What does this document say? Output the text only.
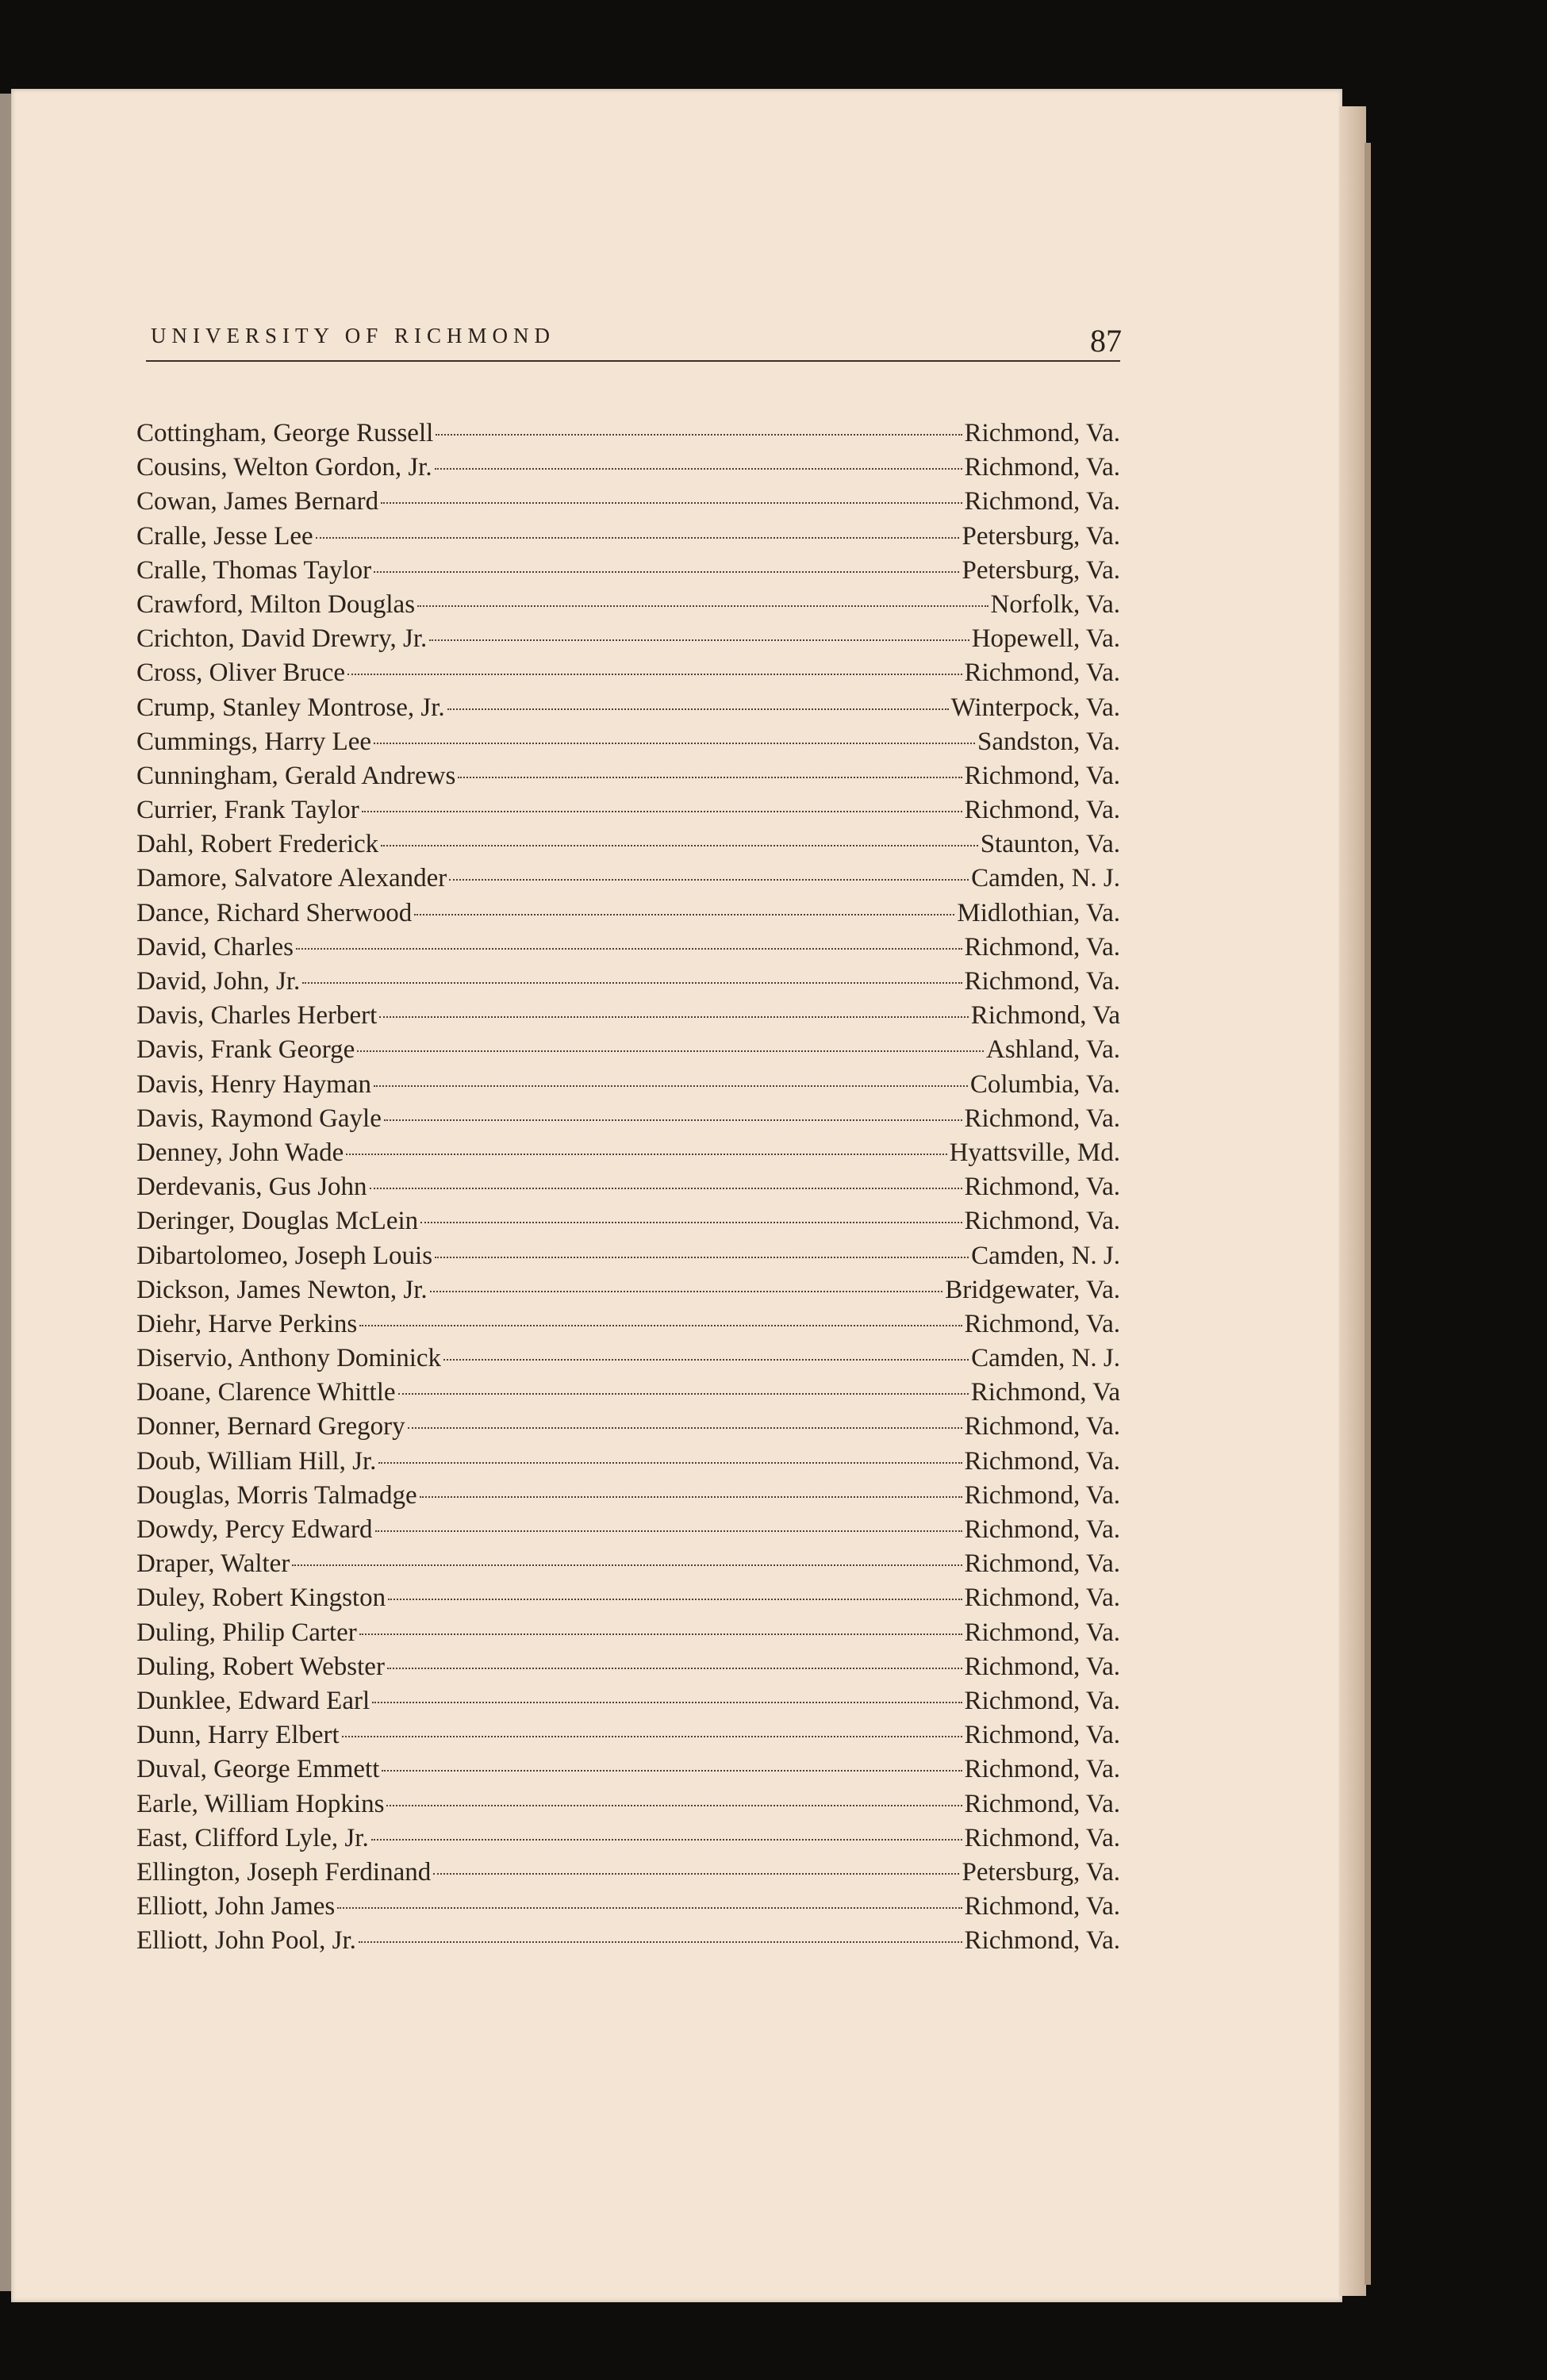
UNIVERSITY OF RICHMOND	87
Cottingham, George Russell	Richmond, Va.
Cousins, Welton Gordon, Jr.	Richmond, Va.
Cowan, James Bernard	Richmond, Va.
Cralle, Jesse Lee	Petersburg, Va.
Cralle, Thomas Taylor	Petersburg, Va.
Crawford, Milton Douglas	Norfolk, Va.
Crichton, David Drewry, Jr.	Hopewell, Va.
Cross, Oliver Bruce	Richmond, Va.
Crump, Stanley Montrose, Jr.	Winterpock, Va.
Cummings, Harry Lee	Sandston, Va.
Cunningham, Gerald Andrews	Richmond, Va.
Currier, Frank Taylor	Richmond, Va.
Dahl, Robert Frederick	Staunton, Va.
Damore, Salvatore Alexander	Camden, N. J.
Dance, Richard Sherwood	Midlothian, Va.
David, Charles	Richmond, Va.
David, John, Jr.	Richmond, Va.
Davis, Charles Herbert	Richmond, Va
Davis, Frank George	Ashland, Va.
Davis, Henry Hayman	Columbia, Va.
Davis, Raymond Gayle	Richmond, Va.
Denney, John Wade	Hyattsville, Md.
Derdevanis, Gus John	Richmond, Va.
Deringer, Douglas McLein	Richmond, Va.
Dibartolomeo, Joseph Louis	Camden, N. J.
Dickson, James Newton, Jr.	Bridgewater, Va.
Diehr, Harve Perkins	Richmond, Va.
Diservio, Anthony Dominick	Camden, N. J.
Doane, Clarence Whittle	Richmond, Va
Donner, Bernard Gregory	Richmond, Va.
Doub, William Hill, Jr.	Richmond, Va.
Douglas, Morris Talmadge	Richmond, Va.
Dowdy, Percy Edward	Richmond, Va.
Draper, Walter	Richmond, Va.
Duley, Robert Kingston	Richmond, Va.
Duling, Philip Carter	Richmond, Va.
Duling, Robert Webster	Richmond, Va.
Dunklee, Edward Earl	Richmond, Va.
Dunn, Harry Elbert	Richmond, Va.
Duval, George Emmett	Richmond, Va.
Earle, William Hopkins	Richmond, Va.
East, Clifford Lyle, Jr.	Richmond, Va.
Ellington, Joseph Ferdinand	Petersburg, Va.
Elliott, John James	Richmond, Va.
Elliott, John Pool, Jr.	Richmond, Va.
